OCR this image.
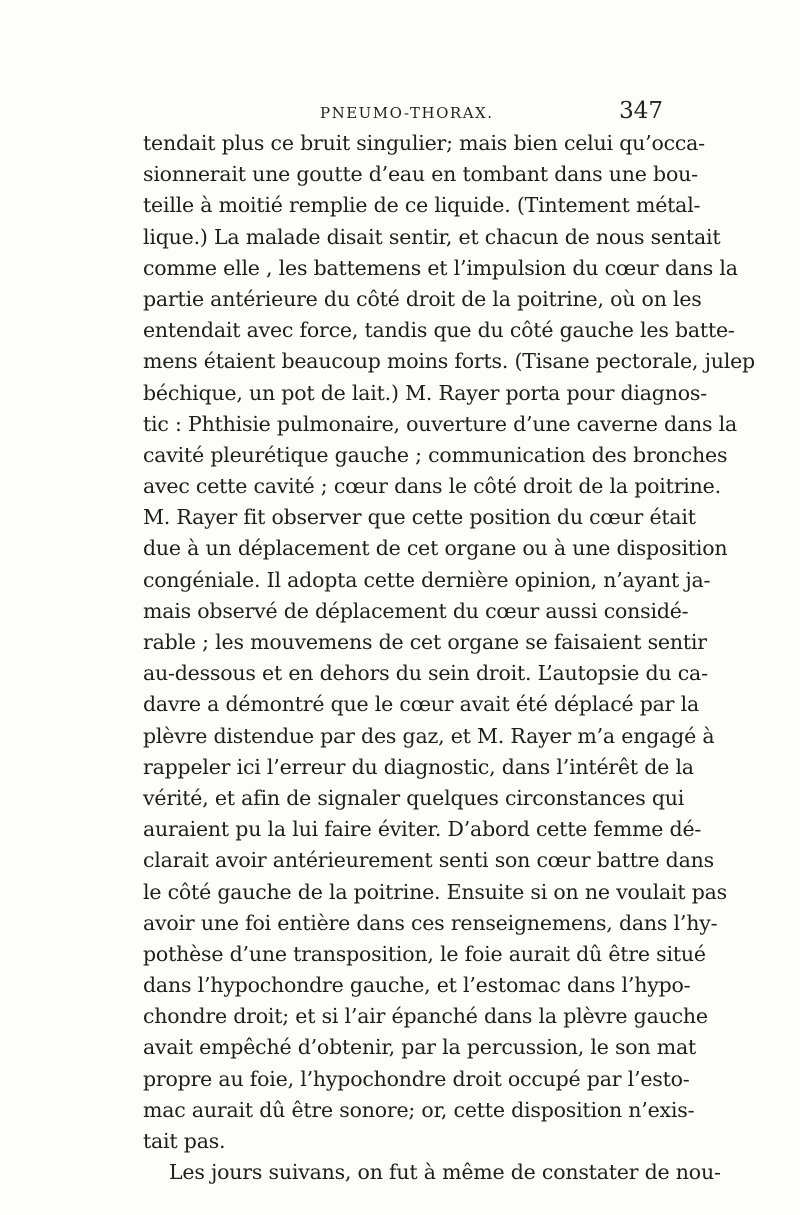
PNEUMO-THORAX.	347
tendait plus ce bruit singulier; mais bien celui qu’occa-
sionnerait une goutte d’eau en tombant dans une bou-
teille à moitié remplie de ce liquide. (Tintement métal-
lique.) La malade disait sentir, et chacun de nous sentait
comme elle , les battemens et l’impulsion du cœur dans la
partie antérieure du côté droit de la poitrine, où on les
entendait avec force, tandis que du côté gauche les batte-
mens étaient beaucoup moins forts. (Tisane pectorale, julep
béchique, un pot de lait.) M. Rayer porta pour diagnos-
tic : Phthisie pulmonaire, ouverture d’une caverne dans la
cavité pleurétique gauche ; communication des bronches
avec cette cavité ; cœur dans le côté droit de la poitrine.
M. Rayer fit observer que cette position du cœur était
due à un déplacement de cet organe ou à une disposition
congéniale. Il adopta cette dernière opinion, n’ayant ja-
mais observé de déplacement du cœur aussi considé-
rable ; les mouvemens de cet organe se faisaient sentir
au-dessous et en dehors du sein droit. L’autopsie du ca-
davre a démontré que le cœur avait été déplacé par la
plèvre distendue par des gaz, et M. Rayer m’a engagé à
rappeler ici l’erreur du diagnostic, dans l’intérêt de la
vérité, et afin de signaler quelques circonstances qui
auraient pu la lui faire éviter. D’abord cette femme dé-
clarait avoir antérieurement senti son cœur battre dans
le côté gauche de la poitrine. Ensuite si on ne voulait pas
avoir une foi entière dans ces renseignemens, dans l’hy-
pothèse d’une transposition, le foie aurait dû être situé
dans l’hypochondre gauche, et l’estomac dans l’hypo-
chondre droit; et si l’air épanché dans la plèvre gauche
avait empêché d’obtenir, par la percussion, le son mat
propre au foie, l’hypochondre droit occupé par l’esto-
mac aurait dû être sonore; or, cette disposition n’exis-
tait pas.
Les jours suivans, on fut à même de constater de nou-
